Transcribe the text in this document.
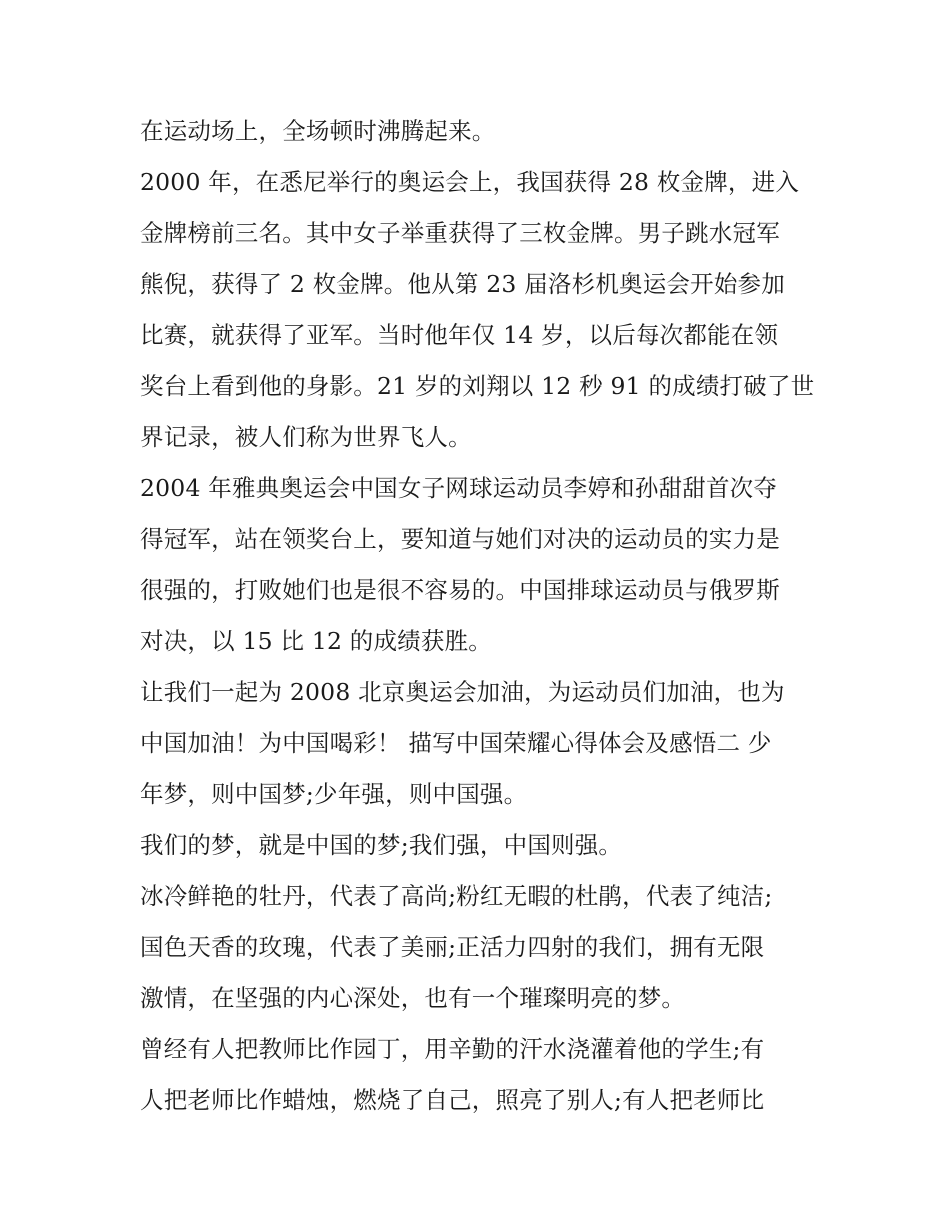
在运动场上，全场顿时沸腾起来。
2000 年，在悉尼举行的奥运会上，我国获得 28 枚金牌，进入
金牌榜前三名。其中女子举重获得了三枚金牌。男子跳水冠军
熊倪，获得了 2 枚金牌。他从第 23 届洛杉机奥运会开始参加
比赛，就获得了亚军。当时他年仅 14 岁，以后每次都能在领
奖台上看到他的身影。21 岁的刘翔以 12 秒 91 的成绩打破了世
界记录，被人们称为世界飞人。
2004 年雅典奥运会中国女子网球运动员李婷和孙甜甜首次夺
得冠军，站在领奖台上，要知道与她们对决的运动员的实力是
很强的，打败她们也是很不容易的。中国排球运动员与俄罗斯
对决，以 15 比 12 的成绩获胜。
让我们一起为 2008 北京奥运会加油，为运动员们加油，也为
中国加油！为中国喝彩！ 描写中国荣耀心得体会及感悟二 少
年梦，则中国梦;少年强，则中国强。
我们的梦，就是中国的梦;我们强，中国则强。
冰冷鲜艳的牡丹，代表了高尚;粉红无暇的杜鹃，代表了纯洁;
国色天香的玫瑰，代表了美丽;正活力四射的我们，拥有无限
激情，在坚强的内心深处，也有一个璀璨明亮的梦。
曾经有人把教师比作园丁，用辛勤的汗水浇灌着他的学生;有
人把老师比作蜡烛，燃烧了自己，照亮了别人;有人把老师比
